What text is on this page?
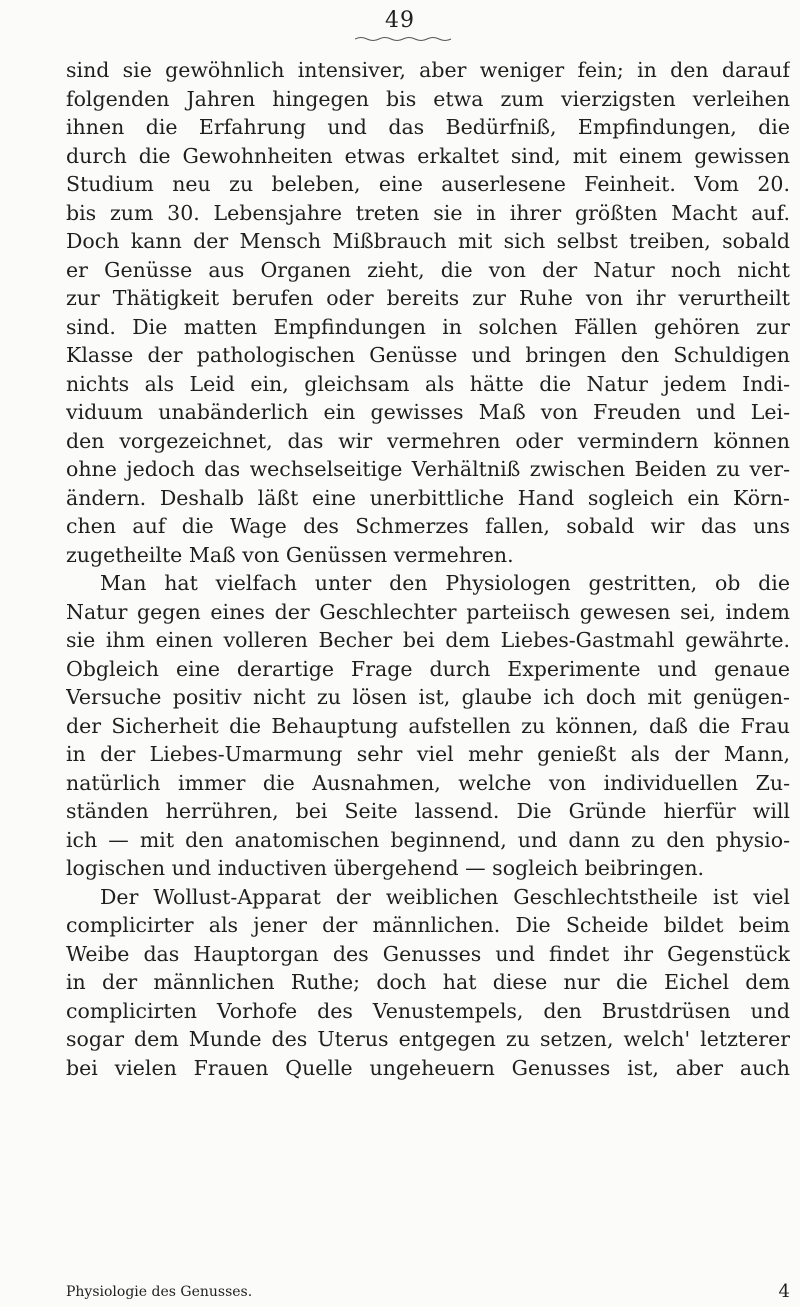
49
sind sie gewöhnlich intensiver, aber weniger fein; in den darauf
folgenden Jahren hingegen bis etwa zum vierzigsten verleihen
ihnen die Erfahrung und das Bedürfniß, Empfindungen, die
durch die Gewohnheiten etwas erkaltet sind, mit einem gewissen
Studium neu zu beleben, eine auserlesene Feinheit. Vom 20.
bis zum 30. Lebensjahre treten sie in ihrer größten Macht auf.
Doch kann der Mensch Mißbrauch mit sich selbst treiben, sobald
er Genüsse aus Organen zieht, die von der Natur noch nicht
zur Thätigkeit berufen oder bereits zur Ruhe von ihr verurtheilt
sind. Die matten Empfindungen in solchen Fällen gehören zur
Klasse der pathologischen Genüsse und bringen den Schuldigen
nichts als Leid ein, gleichsam als hätte die Natur jedem Indi-
viduum unabänderlich ein gewisses Maß von Freuden und Lei-
den vorgezeichnet, das wir vermehren oder vermindern können
ohne jedoch das wechselseitige Verhältniß zwischen Beiden zu ver-
ändern. Deshalb läßt eine unerbittliche Hand sogleich ein Körn-
chen auf die Wage des Schmerzes fallen, sobald wir das uns
zugetheilte Maß von Genüssen vermehren.
Man hat vielfach unter den Physiologen gestritten, ob die
Natur gegen eines der Geschlechter parteiisch gewesen sei, indem
sie ihm einen volleren Becher bei dem Liebes-Gastmahl gewährte.
Obgleich eine derartige Frage durch Experimente und genaue
Versuche positiv nicht zu lösen ist, glaube ich doch mit genügen-
der Sicherheit die Behauptung aufstellen zu können, daß die Frau
in der Liebes-Umarmung sehr viel mehr genießt als der Mann,
natürlich immer die Ausnahmen, welche von individuellen Zu-
ständen herrühren, bei Seite lassend. Die Gründe hierfür will
ich — mit den anatomischen beginnend, und dann zu den physio-
logischen und inductiven übergehend — sogleich beibringen.
Der Wollust-Apparat der weiblichen Geschlechtstheile ist viel
complicirter als jener der männlichen. Die Scheide bildet beim
Weibe das Hauptorgan des Genusses und findet ihr Gegenstück
in der männlichen Ruthe; doch hat diese nur die Eichel dem
complicirten Vorhofe des Venustempels, den Brustdrüsen und
sogar dem Munde des Uterus entgegen zu setzen, welch' letzterer
bei vielen Frauen Quelle ungeheuern Genusses ist, aber auch
Physiologie des Genusses.	4
